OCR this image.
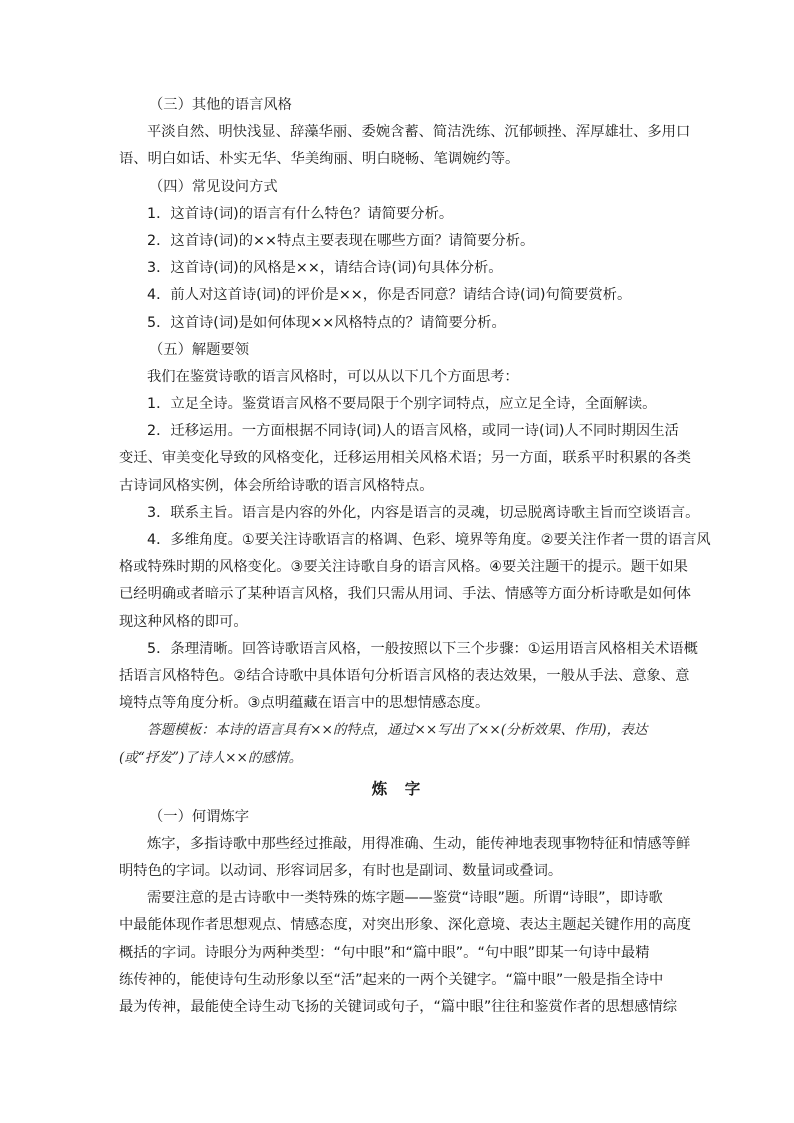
（三）其他的语言风格
平淡自然、明快浅显、辞藻华丽、委婉含蓄、简洁洗练、沉郁顿挫、浑厚雄壮、多用口
语、明白如话、朴实无华、华美绚丽、明白晓畅、笔调婉约等。
（四）常见设问方式
1．这首诗(词)的语言有什么特色？请简要分析。
2．这首诗(词)的××特点主要表现在哪些方面？请简要分析。
3．这首诗(词)的风格是××，请结合诗(词)句具体分析。
4．前人对这首诗(词)的评价是××，你是否同意？请结合诗(词)句简要赏析。
5．这首诗(词)是如何体现××风格特点的？请简要分析。
（五）解题要领
我们在鉴赏诗歌的语言风格时，可以从以下几个方面思考：
1．立足全诗。鉴赏语言风格不要局限于个别字词特点，应立足全诗，全面解读。
2．迁移运用。一方面根据不同诗(词)人的语言风格，或同一诗(词)人不同时期因生活
变迁、审美变化导致的风格变化，迁移运用相关风格术语；另一方面，联系平时积累的各类
古诗词风格实例，体会所给诗歌的语言风格特点。
3．联系主旨。语言是内容的外化，内容是语言的灵魂，切忌脱离诗歌主旨而空谈语言。
4．多维角度。①要关注诗歌语言的格调、色彩、境界等角度。②要关注作者一贯的语言风
格或特殊时期的风格变化。③要关注诗歌自身的语言风格。④要关注题干的提示。题干如果
已经明确或者暗示了某种语言风格，我们只需从用词、手法、情感等方面分析诗歌是如何体
现这种风格的即可。
5．条理清晰。回答诗歌语言风格，一般按照以下三个步骤：①运用语言风格相关术语概
括语言风格特色。②结合诗歌中具体语句分析语言风格的表达效果，一般从手法、意象、意
境特点等角度分析。③点明蕴藏在语言中的思想情感态度。
答题模板：本诗的语言具有××的特点，通过××写出了××(分析效果、作用)，表达
(或“抒发”)了诗人××的感情。
炼 字
（一）何谓炼字
炼字，多指诗歌中那些经过推敲，用得准确、生动，能传神地表现事物特征和情感等鲜
明特色的字词。以动词、形容词居多，有时也是副词、数量词或叠词。
需要注意的是古诗歌中一类特殊的炼字题——鉴赏“诗眼”题。所谓“诗眼”，即诗歌
中最能体现作者思想观点、情感态度，对突出形象、深化意境、表达主题起关键作用的高度
概括的字词。诗眼分为两种类型：“句中眼”和“篇中眼”。“句中眼”即某一句诗中最精
练传神的，能使诗句生动形象以至“活”起来的一两个关键字。“篇中眼”一般是指全诗中
最为传神，最能使全诗生动飞扬的关键词或句子，“篇中眼”往往和鉴赏作者的思想感情综
